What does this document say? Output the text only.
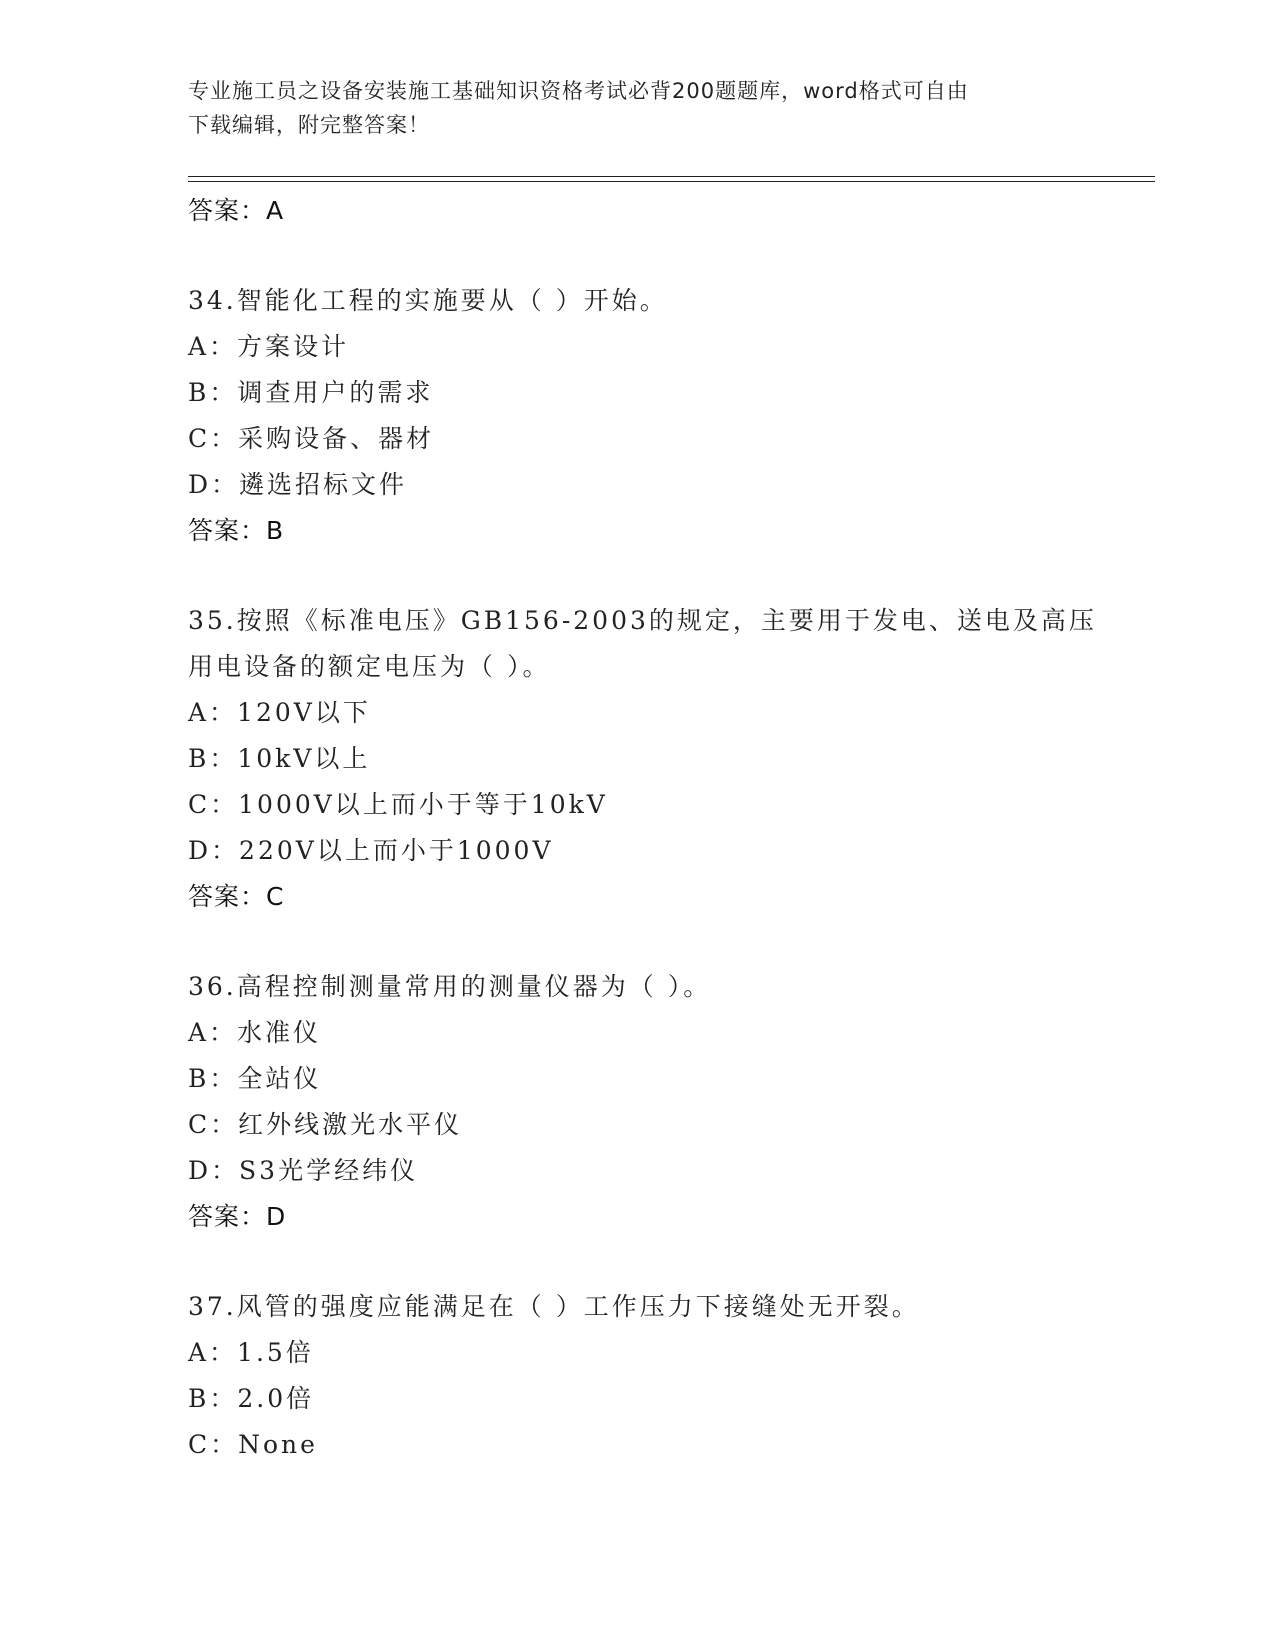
专业施工员之设备安装施工基础知识资格考试必背200题题库，word格式可自由
下载编辑，附完整答案！
答案：A
34.智能化工程的实施要从（ ）开始。
A：方案设计
B：调查用户的需求
C：采购设备、器材
D：遴选招标文件
答案：B
35.按照《标准电压》GB156-2003的规定，主要用于发电、送电及高压
用电设备的额定电压为（ ）。
A：120V以下
B：10kV以上
C：1000V以上而小于等于10kV
D：220V以上而小于1000V
答案：C
36.高程控制测量常用的测量仪器为（ ）。
A：水准仪
B：全站仪
C：红外线激光水平仪
D：S3光学经纬仪
答案：D
37.风管的强度应能满足在（ ）工作压力下接缝处无开裂。
A：1.5倍
B：2.0倍
C：None
